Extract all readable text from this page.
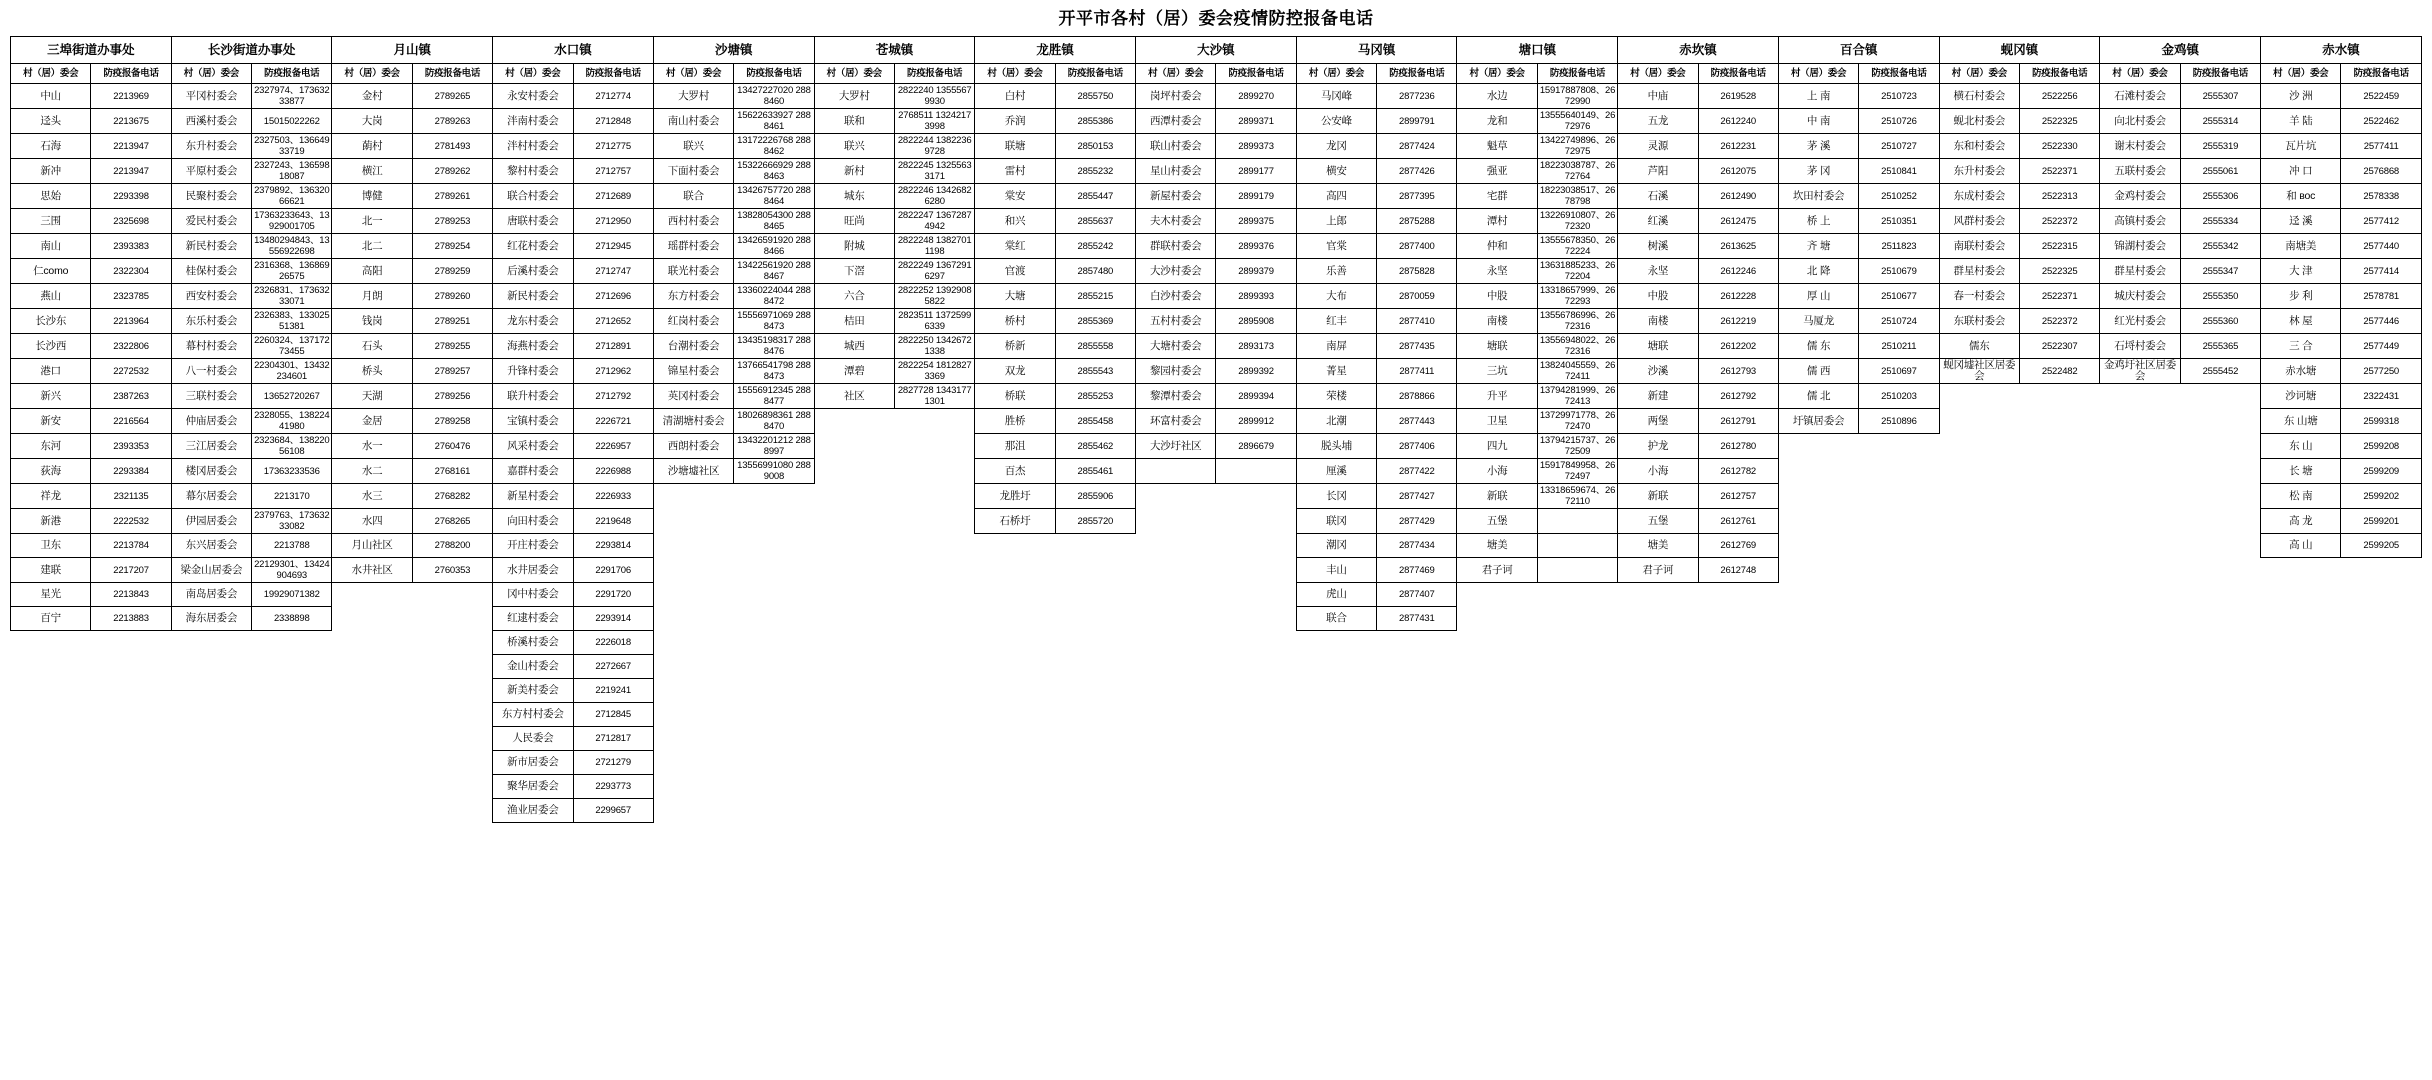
开平市各村（居）委会疫情防控报备电话
三埠街道办事处		长沙街道办事处		月山镇		水口镇		沙塘镇		苍城镇		龙胜镇		大沙镇		马冈镇		塘口镇		赤坎镇		百合镇		蚬冈镇		金鸡镇		赤水镇	
村（居）委会	防疫报备电话	村（居）委会	防疫报备电话	村（居）委会	防疫报备电话	村（居）委会	防疫报备电话	村（居）委会	防疫报备电话	村（居）委会	防疫报备电话	村（居）委会	防疫报备电话	村（居）委会	防疫报备电话	村（居）委会	防疫报备电话	村（居）委会	防疫报备电话	村（居）委会	防疫报备电话	村（居）委会	防疫报备电话	村（居）委会	防疫报备电话	村（居）委会	防疫报备电话	村（居）委会	防疫报备电话
中山	2213969	平冈村委会	2327974、17363233877	金村	2789265	永安村委会	2712774	大罗村	13427227020 2888460	大罗村	2822240 13555679930	白村	2855750	岗坪村委会	2899270	马冈峰	2877236	水边	15917887808、2672990	中庙	2619528	上 南	2510723	横石村委会	2522256	石滩村委会	2555307	沙 洲	2522459
迳头	2213675	西溪村委会	15015022262	大岗	2789263	泮南村委会	2712848	南山村委会	15622633927 2888461	联和	2768511 13242173998	乔润	2855386	西潭村委会	2899371	公安峰	2899791	龙和	13555640149、2672976	五龙	2612240	中 南	2510726	蚬北村委会	2522325	向北村委会	2555314	羊 陆	2522462
石海	2213947	东升村委会	2327503、13664933719	蓢村	2781493	泮村村委会	2712775	联兴	13172226768 2888462	联兴	2822244 13822369728	联塘	2850153	联山村委会	2899373	龙冈	2877424	魁草	13422749896、2672975	灵源	2612231	茅 溪	2510727	东和村委会	2522330	谢末村委会	2555319	瓦片坑	2577411
新冲	2213947	平原村委会	2327243、13659818087	横江	2789262	黎村村委会	2712757	下面村委会	15322666929 2888463	新村	2822245 13255633171	雷村	2855232	星山村委会	2899177	横安	2877426	强亚	18223038787、2672764	芦阳	2612075	茅 冈	2510841	东升村委会	2522371	五联村委会	2555061	冲 口	2576868
思始	2293398	民聚村委会	2379892、13632066621	博健	2789261	联合村委会	2712689	联合	13426757720 2888464	城东	2822246 13426826280	棠安	2855447	新屋村委会	2899179	高四	2877395	宅群	18223038517、2678798	石溪	2612490	坎田村委会	2510252	东成村委会	2522313	金鸡村委会	2555306	和 вос	2578338
三围	2325698	爱民村委会	17363233643、13929001705	北一	2789253	唐联村委会	2712950	西村村委会	13828054300 2888465	旺尚	2822247 13672874942	和兴	2855637	夫木村委会	2899375	上郎	2875288	潭村	13226910807、2672320	红溪	2612475	桥 上	2510351	风群村委会	2522372	高镇村委会	2555334	迳 溪	2577412
南山	2393383	新民村委会	13480294843、13556922698	北二	2789254	红花村委会	2712945	瑶群村委会	13426591920 2888466	附城	2822248 13827011198	棠红	2855242	群联村委会	2899376	官棠	2877400	仲和	13555678350、2672224	树溪	2613625	齐 塘	2511823	南联村委会	2522315	锦湖村委会	2555342	南塘美	2577440
仁como	2322304	桂保村委会	2316368、13686926575	高阳	2789259	后溪村委会	2712747	联光村委会	13422561920 2888467	下滘	2822249 13672916297	官渡	2857480	大沙村委会	2899379	乐善	2875828	永坚	13631885233、2672204	永坚	2612246	北 降	2510679	群星村委会	2522325	群星村委会	2555347	大 津	2577414
燕山	2323785	西安村委会	2326831、17363233071	月朗	2789260	新民村委会	2712696	东方村委会	13360224044 2888472	六合	2822252 13929085822	大塘	2855215	白沙村委会	2899393	大布	2870059	中股	13318657999、2672293	中股	2612228	厚 山	2510677	春一村委会	2522371	城庆村委会	2555350	步 利	2578781
长沙东	2213964	东乐村委会	2326383、13302551381	钱岗	2789251	龙东村委会	2712652	红岗村委会	15556971069 2888473	桔田	2823511 13725996339	桥村	2855369	五村村委会	2895908	红丰	2877410	南楼	13556786996、2672316	南楼	2612219	马厦龙	2510724	东联村委会	2522372	红光村委会	2555360	林 屋	2577446
长沙西	2322806	幕村村委会	2260324、13717273455	石头	2789255	海燕村委会	2712891	台潮村委会	13435198317 2888476	城西	2822250 13426721338	桥新	2855558	大塘村委会	2893173	南屏	2877435	塘联	13556948022、2672316	塘联	2612202	儒 东	2510211	儒东	2522307	石埒村委会	2555365	三 合	2577449
港口	2272532	八一村委会	22304301、13432234601	桥头	2789257	升锋村委会	2712962	锦星村委会	13766541798 2888473	潭碧	2822254 18128273369	双龙	2855543	黎园村委会	2899392	菁星	2877411	三坑	13824045559、2672411	沙溪	2612793	儒 西	2510697	蚬冈墟社区居委会	2522482	金鸡圩社区居委会	2555452	赤水塘	2577250
新兴	2387263	三联村委会	13652720267	天湖	2789256	联升村委会	2712792	英冈村委会	15556912345 2888477	社区	2827728 13431771301	桥联	2855253	黎潭村委会	2899394	荣楼	2878866	升平	13794281999、2672413	新建	2612792	儒 北	2510203					沙诃塘	2322431
新安	2216564	仲庙居委会	2328055、13822441980	金居	2789258	宝镇村委会	2226721	清湖塘村委会	18026898361 2888470			胜桥	2855458	环富村委会	2899912	北潮	2877443	卫星	13729971778、2672470	两堡	2612791	圩镇居委会	2510896					东 山塘	2599318
东河	2393353	三江居委会	2323684、13822056108	水一	2760476	风采村委会	2226957	西朗村委会	13432201212 2888997			那沮	2855462	大沙圩社区	2896679	脱头埔	2877406	四九	13794215737、2672509	护龙	2612780							东 山	2599208
荻海	2293384	楼冈居委会	17363233536	水二	2768161	嘉群村委会	2226988	沙塘墟社区	13556991080 2889008			百杰	2855461			厘溪	2877422	小海	15917849958、2672497	小海	2612782							长 塘	2599209
祥龙	2321135	幕尔居委会	2213170	水三	2768282	新星村委会	2226933					龙胜圩	2855906			长冈	2877427	新联	13318659674、2672110	新联	2612757							松 南	2599202
新港	2222532	伊园居委会	2379763、17363233082	水四	2768265	向田村委会	2219648					石桥圩	2855720			联冈	2877429	五堡		五堡	2612761							高 龙	2599201
卫东	2213784	东兴居委会	2213788	月山社区	2788200	开庄村委会	2293814									潮冈	2877434	塘美		塘美	2612769							高 山	2599205
建联	2217207	梁金山居委会	22129301、13424904693	水井社区	2760353	水井居委会	2291706									丰山	2877469	君子诃		君子诃	2612748								
星光	2213843	南岛居委会	19929071382			冈中村委会	2291720									虎山	2877407												
百宁	2213883	海东居委会	2338898			红逮村委会	2293914									联合	2877431												
						桥溪村委会	2226018																						
						金山村委会	2272667																						
						新美村委会	2219241																						
						东方村村委会	2712845																						
						人民委会	2712817																						
						新市居委会	2721279																						
						聚华居委会	2293773																						
						渔业居委会	2299657																						
